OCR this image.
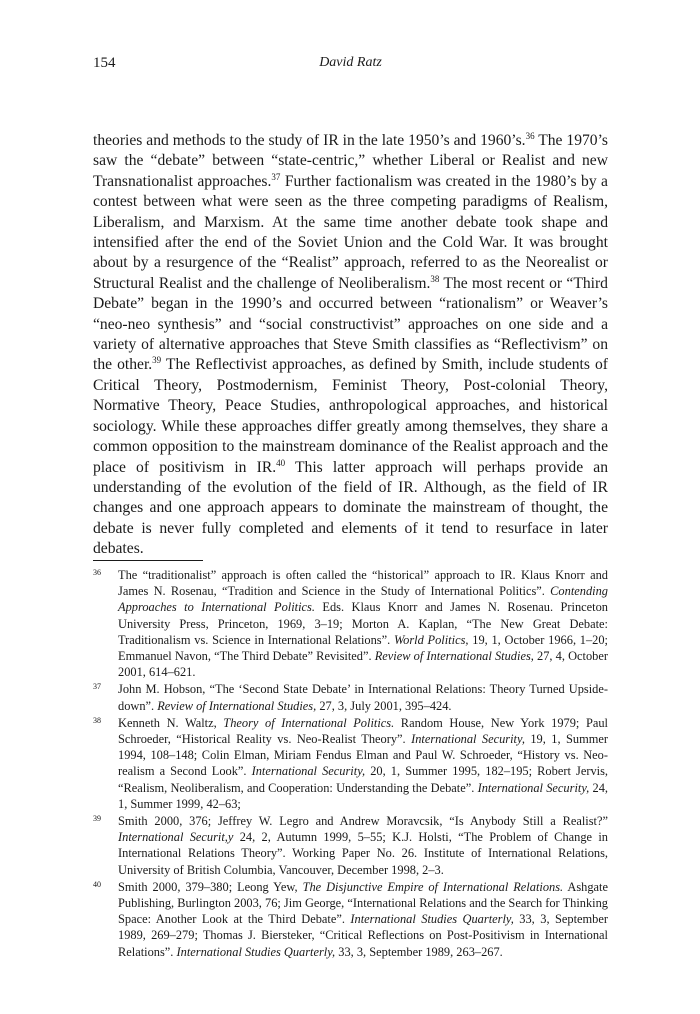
154	David Ratz

theories and methods to the study of IR in the late 1950’s and 1960’s.$^{36}$ The 1970’s saw the “debate” between “state-centric,” whether Liberal or Realist and new Transnationalist approaches.$^{37}$ Further factionalism was created in the 1980’s by a contest between what were seen as the three competing paradigms of Realism, Liberalism, and Marxism. At the same time another debate took shape and intensified after the end of the Soviet Union and the Cold War. It was brought about by a resurgence of the “Realist” approach, referred to as the Neorealist or Structural Realist and the challenge of Neoliberalism.$^{38}$ The most recent or “Third Debate” began in the 1990’s and occurred between “rationalism” or Weaver’s “neo-neo synthesis” and “social constructivist” approaches on one side and a variety of alternative approaches that Steve Smith classifies as “Reflectivism” on the other.$^{39}$ The Reflectivist approaches, as defined by Smith, include students of Critical Theory, Postmodernism, Feminist Theory, Post-colonial Theory, Normative Theory, Peace Studies, anthropological approaches, and historical sociology. While these approaches differ greatly among themselves, they share a common opposition to the mainstream dominance of the Realist approach and the place of positivism in IR.$^{40}$ This latter approach will perhaps provide an understanding of the evolution of the field of IR. Although, as the field of IR changes and one approach appears to dominate the mainstream of thought, the debate is never fully completed and elements of it tend to resurface in later debates.

36 The “traditionalist” approach is often called the “historical” approach to IR. Klaus Knorr and James N. Rosenau, “Tradition and Science in the Study of International Politics”. Contending Approaches to International Politics. Eds. Klaus Knorr and James N. Rosenau. Princeton University Press, Princeton, 1969, 3–19; Morton A. Kaplan, “The New Great Debate: Traditionalism vs. Science in International Relations”. World Politics, 19, 1, October 1966, 1–20; Emmanuel Navon, “The Third Debate” Revisited”. Review of International Studies, 27, 4, October 2001, 614–621.
37 John M. Hobson, “The ‘Second State Debate’ in International Relations: Theory Turned Upside-down”. Review of International Studies, 27, 3, July 2001, 395–424.
38 Kenneth N. Waltz, Theory of International Politics. Random House, New York 1979; Paul Schroeder, “Historical Reality vs. Neo-Realist Theory”. International Security, 19, 1, Summer 1994, 108–148; Colin Elman, Miriam Fendus Elman and Paul W. Schroeder, “History vs. Neo-realism a Second Look”. International Security, 20, 1, Summer 1995, 182–195; Robert Jervis, “Realism, Neoliberalism, and Cooperation: Understanding the Debate”. International Security, 24, 1, Summer 1999, 42–63;
39 Smith 2000, 376; Jeffrey W. Legro and Andrew Moravcsik, “Is Anybody Still a Realist?” International Securit,y 24, 2, Autumn 1999, 5–55; K.J. Holsti, “The Problem of Change in International Relations Theory”. Working Paper No. 26. Institute of International Relations, University of British Columbia, Vancouver, December 1998, 2–3.
40 Smith 2000, 379–380; Leong Yew, The Disjunctive Empire of International Relations. Ashgate Publishing, Burlington 2003, 76; Jim George, “International Relations and the Search for Thinking Space: Another Look at the Third Debate”. International Studies Quarterly, 33, 3, September 1989, 269–279; Thomas J. Biersteker, “Critical Reflections on Post-Positivism in International Relations”. International Studies Quarterly, 33, 3, September 1989, 263–267.
